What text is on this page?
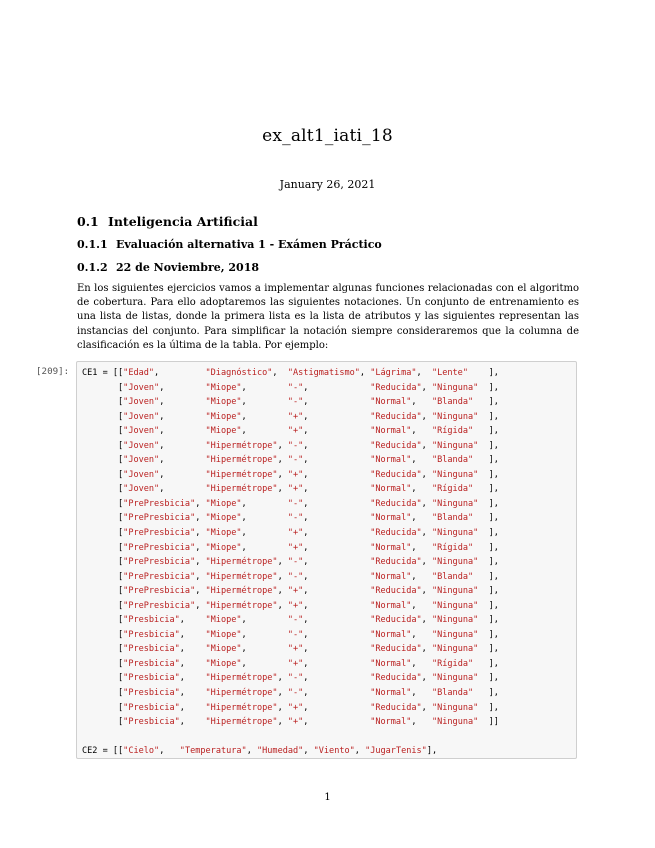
ex_alt1_iati_18
January 26, 2021
0.1 Inteligencia Artificial
0.1.1 Evaluación alternativa 1 - Exámen Práctico
0.1.2 22 de Noviembre, 2018

En los siguientes ejercicios vamos a implementar algunas funciones relacionadas con el algoritmo de cobertura. Para ello adoptaremos las siguientes notaciones. Un conjunto de entrenamiento es una lista de listas, donde la primera lista es la lista de atributos y las siguientes representan las instancias del conjunto. Para simplificar la notación siempre consideraremos que la columna de clasificación es la última de la tabla. Por ejemplo:

[209]: CE1 = [["Edad",         "Diagnóstico",  "Astigmatismo", "Lágrima",  "Lente" ],
["Joven",        "Miope",        "-",            "Reducida", "Ninguna" ],
["Joven",        "Miope",        "-",            "Normal",   "Blanda" ],
["Joven",        "Miope",        "+",            "Reducida", "Ninguna" ],
["Joven",        "Miope",        "+",            "Normal",   "Rígida" ],
["Joven",        "Hipermétrope", "-",            "Reducida", "Ninguna" ],
["Joven",        "Hipermétrope", "-",            "Normal",   "Blanda" ],
["Joven",        "Hipermétrope", "+",            "Reducida", "Ninguna" ],
["Joven",        "Hipermétrope", "+",            "Normal",   "Rígida" ],
["PrePresbicia", "Miope",        "-",            "Reducida", "Ninguna" ],
["PrePresbicia", "Miope",        "-",            "Normal",   "Blanda" ],
["PrePresbicia", "Miope",        "+",            "Reducida", "Ninguna" ],
["PrePresbicia", "Miope",        "+",            "Normal",   "Rígida" ],
["PrePresbicia", "Hipermétrope", "-",            "Reducida", "Ninguna" ],
["PrePresbicia", "Hipermétrope", "-",            "Normal",   "Blanda" ],
["PrePresbicia", "Hipermétrope", "+",            "Reducida", "Ninguna" ],
["PrePresbicia", "Hipermétrope", "+",            "Normal",   "Ninguna" ],
["Presbicia",    "Miope",        "-",            "Reducida", "Ninguna" ],
["Presbicia",    "Miope",        "-",            "Normal",   "Ninguna" ],
["Presbicia",    "Miope",        "+",            "Reducida", "Ninguna" ],
["Presbicia",    "Miope",        "+",            "Normal",   "Rígida" ],
["Presbicia",    "Hipermétrope", "-",            "Reducida", "Ninguna" ],
["Presbicia",    "Hipermétrope", "-",            "Normal",   "Blanda" ],
["Presbicia",    "Hipermétrope", "+",            "Reducida", "Ninguna" ],
["Presbicia",    "Hipermétrope", "+",            "Normal",   "Ninguna" ]]

CE2 = [["Cielo",   "Temperatura", "Humedad", "Viento", "JugarTenis"],
1
